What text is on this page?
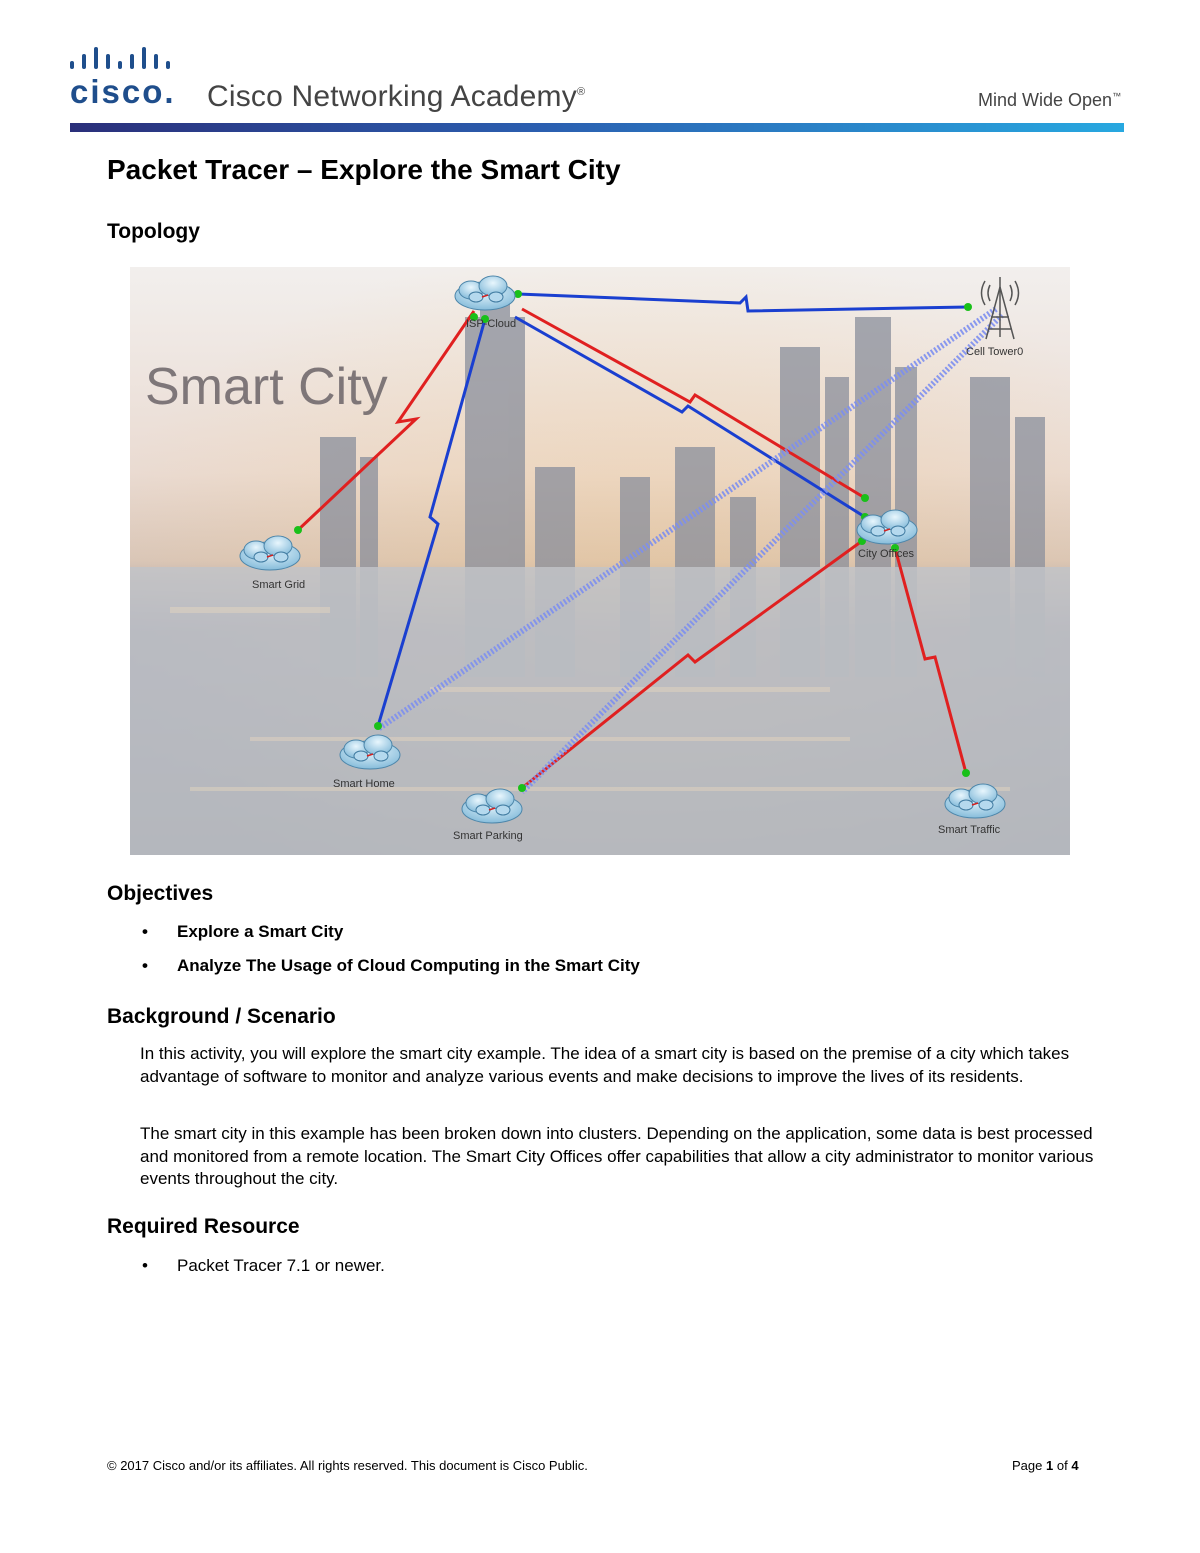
cisco. Cisco Networking Academy®	Mind Wide Open™
Packet Tracer – Explore the Smart City
Topology
Smart City
ISP-Cloud
Cell Tower0
Smart Grid
City Offices
Smart Home
Smart Parking	Smart Traffic
Objectives
• Explore a Smart City
• Analyze The Usage of Cloud Computing in the Smart City
Background / Scenario

In this activity, you will explore the smart city example. The idea of a smart city is based on the premise of a city which takes advantage of software to monitor and analyze various events and make decisions to improve the lives of its residents.

The smart city in this example has been broken down into clusters. Depending on the application, some data is best processed and monitored from a remote location. The Smart City Offices offer capabilities that allow a city administrator to monitor various events throughout the city.

Required Resource
• Packet Tracer 7.1 or newer.
© 2017 Cisco and/or its affiliates. All rights reserved. This document is Cisco Public.	Page 1 of 4
